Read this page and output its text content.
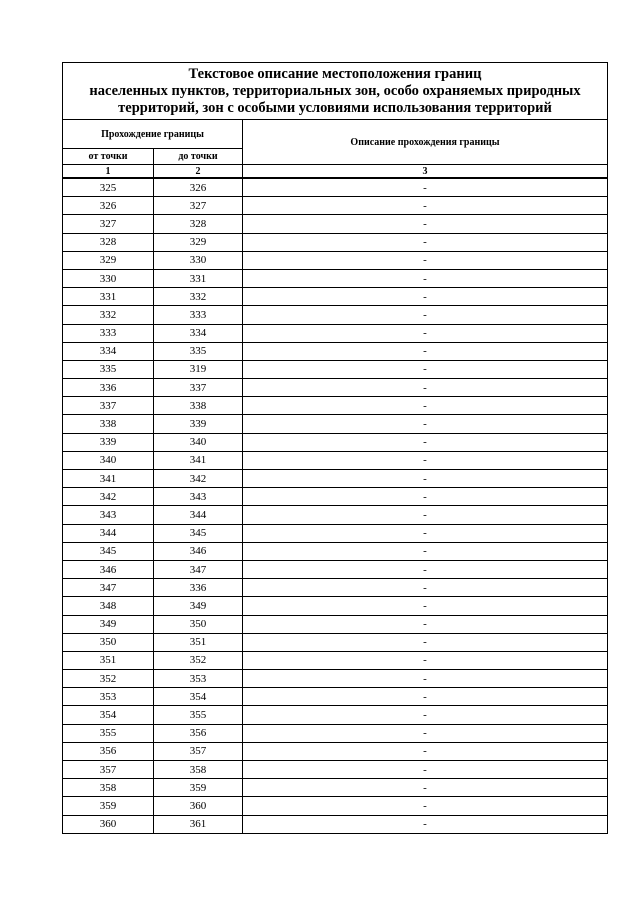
Текстовое описание местоположения границ
населенных пунктов, территориальных зон, особо охраняемых природных
территорий, зон с особыми условиями использования территорий		

Прохождение границы		Описание прохождения границы
от точки	до точки	
1	2	3
325	326	-
326	327	-
327	328	-
328	329	-
329	330	-
330	331	-
331	332	-
332	333	-
333	334	-
334	335	-
335	319	-
336	337	-
337	338	-
338	339	-
339	340	-
340	341	-
341	342	-
342	343	-
343	344	-
344	345	-
345	346	-
346	347	-
347	336	-
348	349	-
349	350	-
350	351	-
351	352	-
352	353	-
353	354	-
354	355	-
355	356	-
356	357	-
357	358	-
358	359	-
359	360	-
360	361	-
